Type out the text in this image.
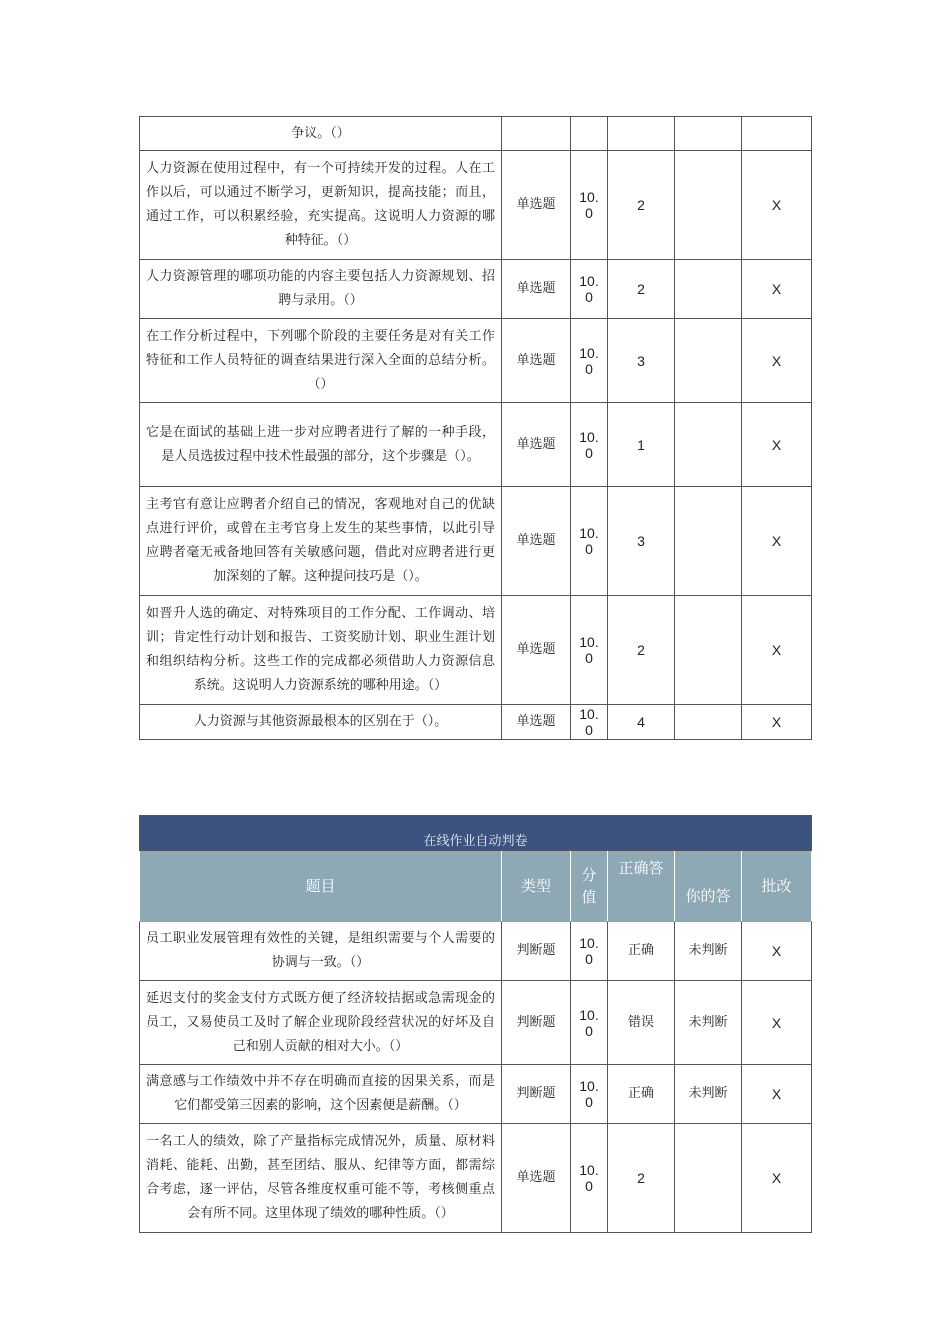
争议。（）					
人力资源在使用过程中，有一个可持续开发的过程。人在工作以后，可以通过不断学习，更新知识，提高技能；而且，通过工作，可以积累经验，充实提高。这说明人力资源的哪种特征。（）	单选题	10.0	2		X
人力资源管理的哪项功能的内容主要包括人力资源规划、招聘与录用。（）	单选题	10.0	2		X
在工作分析过程中，下列哪个阶段的主要任务是对有关工作特征和工作人员特征的调查结果进行深入全面的总结分析。（）	单选题	10.0	3		X
它是在面试的基础上进一步对应聘者进行了解的一种手段，是人员选拔过程中技术性最强的部分，这个步骤是（）。	单选题	10.0	1		X
主考官有意让应聘者介绍自己的情况，客观地对自己的优缺点进行评价，或曾在主考官身上发生的某些事情，以此引导应聘者毫无戒备地回答有关敏感问题，借此对应聘者进行更加深刻的了解。这种提问技巧是（）。	单选题	10.0	3		X
如晋升人选的确定、对特殊项目的工作分配、工作调动、培训；肯定性行动计划和报告、工资奖励计划、职业生涯计划和组织结构分析。这些工作的完成都必须借助人力资源信息系统。这说明人力资源系统的哪种用途。（）	单选题	10.0	2		X
人力资源与其他资源最根本的区别在于（）。	单选题	10.0	4		X
在线作业自动判卷					
题目	类型	分值	正确答	你的答	批改
员工职业发展管理有效性的关键，是组织需要与个人需要的协调与一致。（）	判断题	10.0	正确	未判断	X
延迟支付的奖金支付方式既方便了经济较拮据或急需现金的员工，又易使员工及时了解企业现阶段经营状况的好坏及自己和别人贡献的相对大小。（）	判断题	10.0	错误	未判断	X
满意感与工作绩效中并不存在明确而直接的因果关系，而是它们都受第三因素的影响，这个因素便是薪酬。（）	判断题	10.0	正确	未判断	X
一名工人的绩效，除了产量指标完成情况外，质量、原材料消耗、能耗、出勤，甚至团结、服从、纪律等方面，都需综合考虑，逐一评估，尽管各维度权重可能不等，考核侧重点会有所不同。这里体现了绩效的哪种性质。（）	单选题	10.0	2		X
